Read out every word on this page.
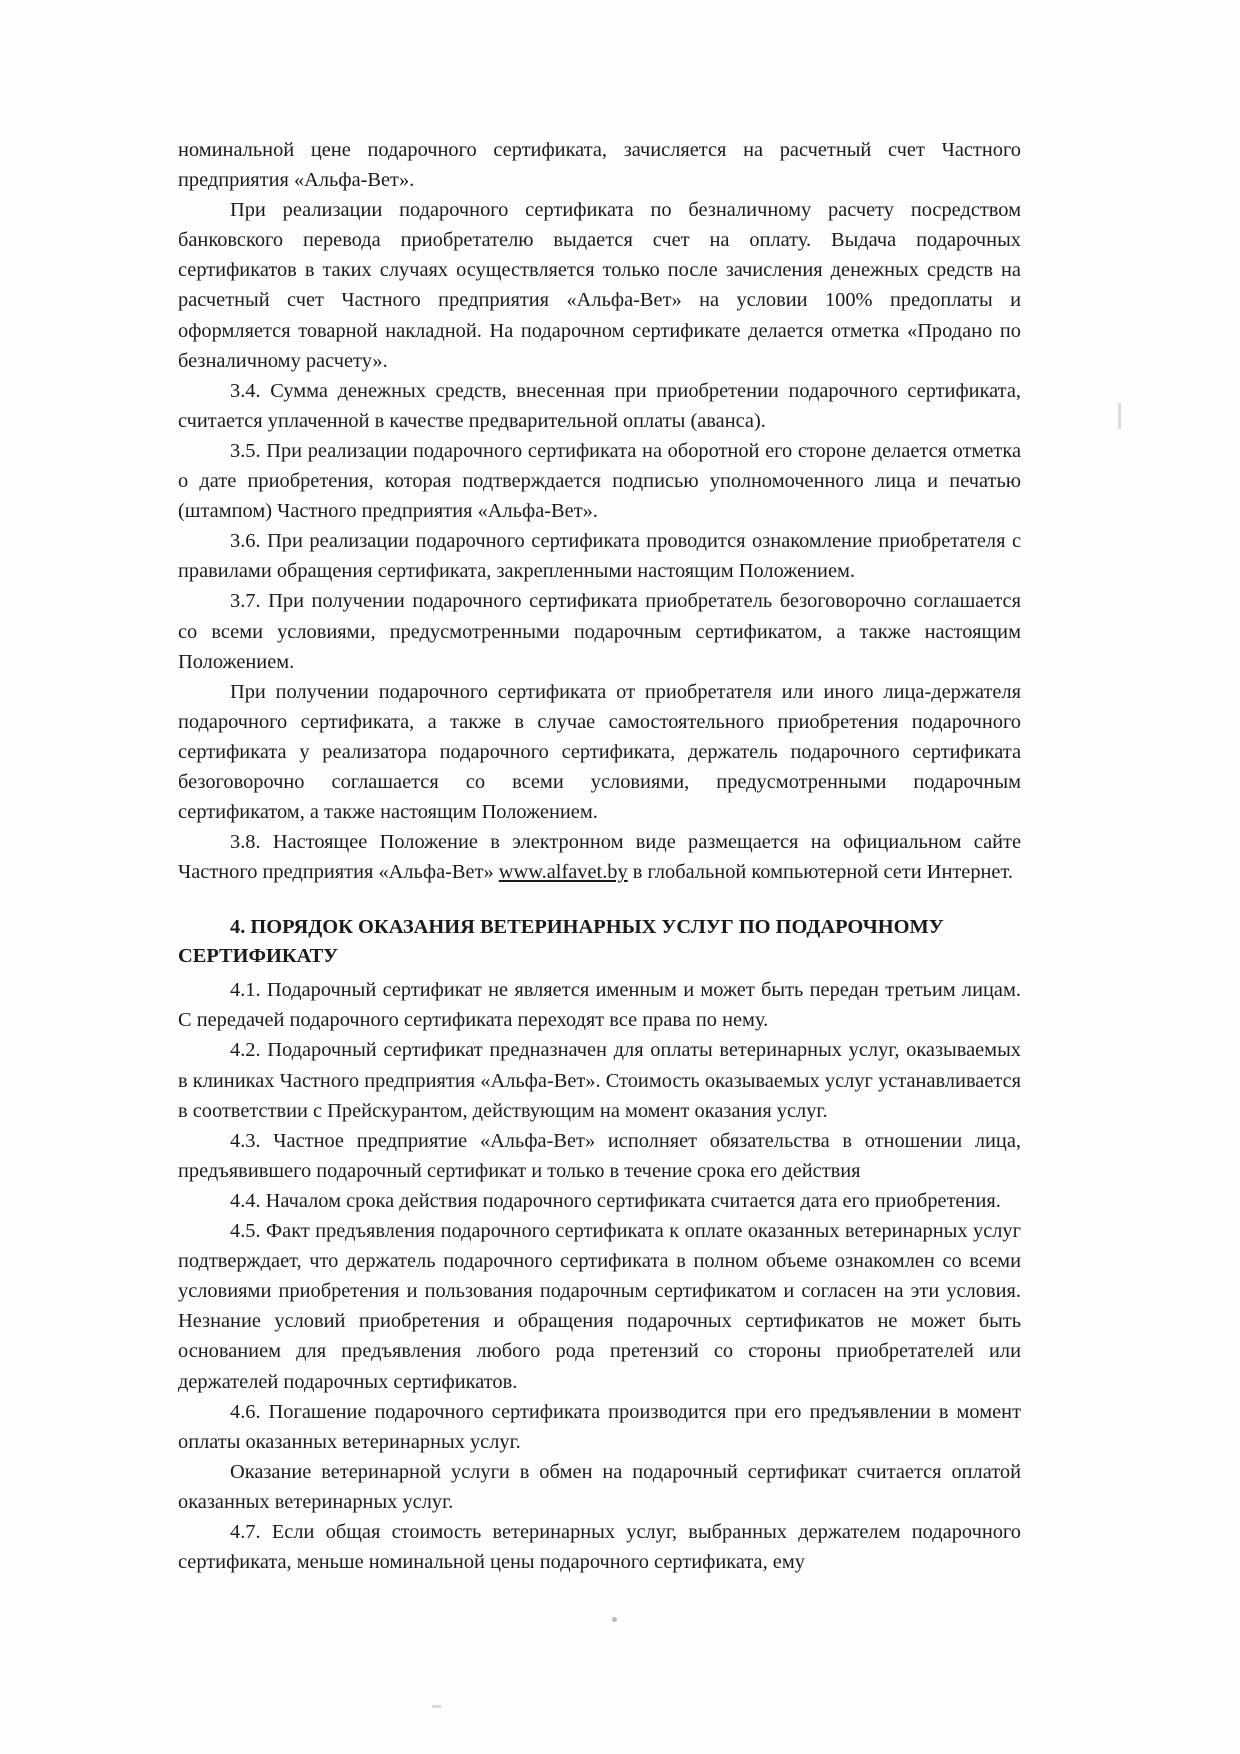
номинальной цене подарочного сертификата, зачисляется на расчетный счет Частного предприятия «Альфа-Вет».

При реализации подарочного сертификата по безналичному расчету посредством банковского перевода приобретателю выдается счет на оплату. Выдача подарочных сертификатов в таких случаях осуществляется только после зачисления денежных средств на расчетный счет Частного предприятия «Альфа-Вет» на условии 100% предоплаты и оформляется товарной накладной. На подарочном сертификате делается отметка «Продано по безналичному расчету».

3.4. Сумма денежных средств, внесенная при приобретении подарочного сертификата, считается уплаченной в качестве предварительной оплаты (аванса).

3.5. При реализации подарочного сертификата на оборотной его стороне делается отметка о дате приобретения, которая подтверждается подписью уполномоченного лица и печатью (штампом) Частного предприятия «Альфа-Вет».

3.6. При реализации подарочного сертификата проводится ознакомление приобретателя с правилами обращения сертификата, закрепленными настоящим Положением.

3.7. При получении подарочного сертификата приобретатель безоговорочно соглашается со всеми условиями, предусмотренными подарочным сертификатом, а также настоящим Положением.

При получении подарочного сертификата от приобретателя или иного лица-держателя подарочного сертификата, а также в случае самостоятельного приобретения подарочного сертификата у реализатора подарочного сертификата, держатель подарочного сертификата безоговорочно соглашается со всеми условиями, предусмотренными подарочным сертификатом, а также настоящим Положением.

3.8. Настоящее Положение в электронном виде размещается на официальном сайте Частного предприятия «Альфа-Вет» www.alfavet.by в глобальной компьютерной сети Интернет.

4. ПОРЯДОК ОКАЗАНИЯ ВЕТЕРИНАРНЫХ УСЛУГ ПО ПОДАРОЧНОМУ СЕРТИФИКАТУ

4.1. Подарочный сертификат не является именным и может быть передан третьим лицам. С передачей подарочного сертификата переходят все права по нему.

4.2. Подарочный сертификат предназначен для оплаты ветеринарных услуг, оказываемых в клиниках Частного предприятия «Альфа-Вет». Стоимость оказываемых услуг устанавливается в соответствии с Прейскурантом, действующим на момент оказания услуг.

4.3. Частное предприятие «Альфа-Вет» исполняет обязательства в отношении лица, предъявившего подарочный сертификат и только в течение срока его действия

4.4. Началом срока действия подарочного сертификата считается дата его приобретения.

4.5. Факт предъявления подарочного сертификата к оплате оказанных ветеринарных услуг подтверждает, что держатель подарочного сертификата в полном объеме ознакомлен со всеми условиями приобретения и пользования подарочным сертификатом и согласен на эти условия. Незнание условий приобретения и обращения подарочных сертификатов не может быть основанием для предъявления любого рода претензий со стороны приобретателей или держателей подарочных сертификатов.

4.6. Погашение подарочного сертификата производится при его предъявлении в момент оплаты оказанных ветеринарных услуг.

Оказание ветеринарной услуги в обмен на подарочный сертификат считается оплатой оказанных ветеринарных услуг.

4.7. Если общая стоимость ветеринарных услуг, выбранных держателем подарочного сертификата, меньше номинальной цены подарочного сертификата, ему
